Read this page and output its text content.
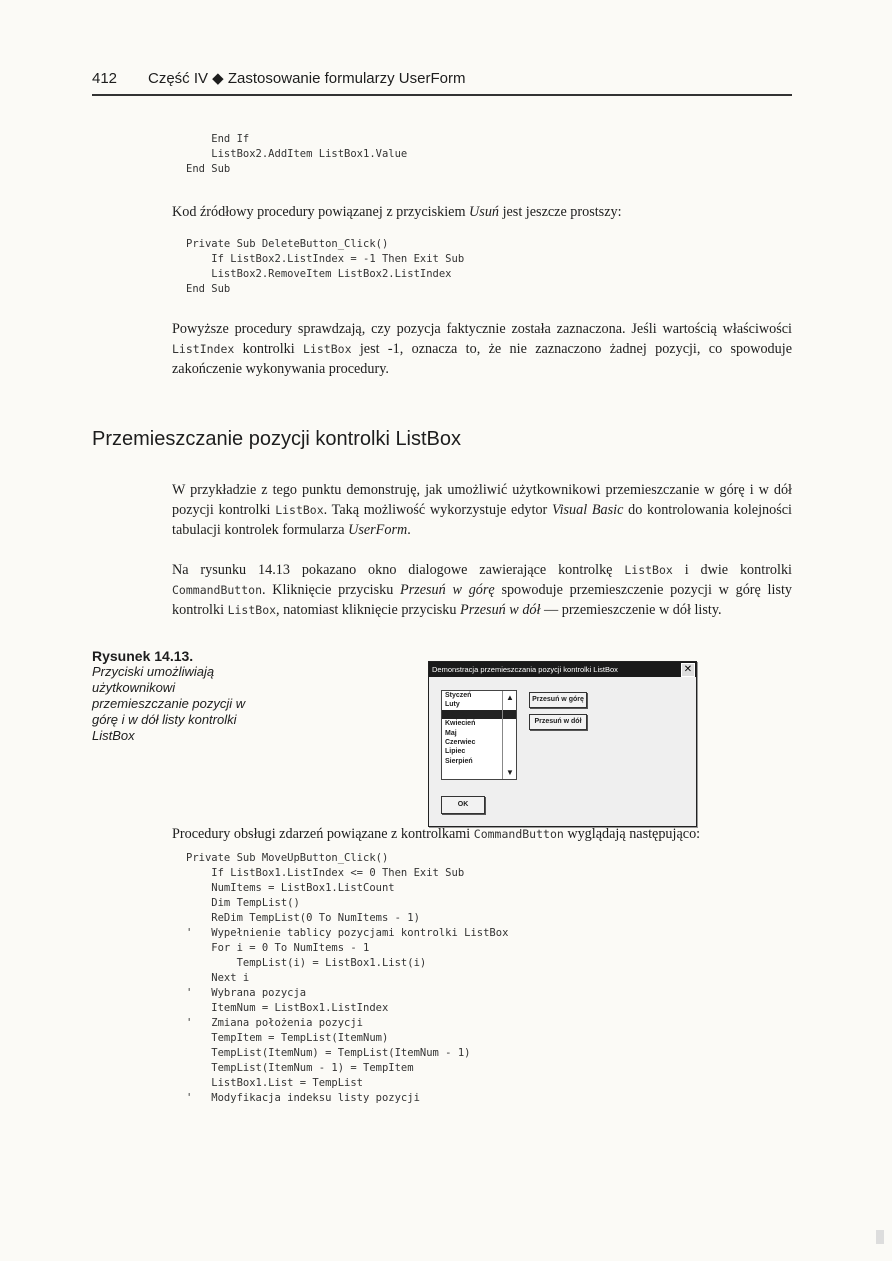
412 Część IV ◆ Zastosowanie formularzy UserForm
End If
ListBox2.AddItem ListBox1.Value
End Sub
Kod źródłowy procedury powiązanej z przyciskiem Usuń jest jeszcze prostszy:
Private Sub DeleteButton_Click()
If ListBox2.ListIndex = -1 Then Exit Sub
ListBox2.RemoveItem ListBox2.ListIndex
End Sub
Powyższe procedury sprawdzają, czy pozycja faktycznie została zaznaczona. Jeśli wartością właściwości ListIndex kontrolki ListBox jest -1, oznacza to, że nie zaznaczono żadnej pozycji, co spowoduje zakończenie wykonywania procedury.
Przemieszczanie pozycji kontrolki ListBox
W przykładzie z tego punktu demonstruję, jak umożliwić użytkownikowi przemieszczanie w górę i w dół pozycji kontrolki ListBox. Taką możliwość wykorzystuje edytor Visual Basic do kontrolowania kolejności tabulacji kontrolek formularza UserForm.
Na rysunku 14.13 pokazano okno dialogowe zawierające kontrolkę ListBox i dwie kontrolki CommandButton. Kliknięcie przycisku Przesuń w górę spowoduje przemieszczenie pozycji w górę listy kontrolki ListBox, natomiast kliknięcie przycisku Przesuń w dół — przemieszczenie w dół listy.
Rysunek 14.13.
Przyciski umożliwiają użytkownikowi przemieszczanie pozycji w górę i w dół listy kontrolki ListBox
Demonstracja przemieszczania pozycji kontrolki ListBox	✕
Styczeń
Luty
Marzec
Kwiecień
Maj
Czerwiec
Lipiec
Sierpień
▲
▼
Przesuń w górę
Przesuń w dół
OK
Procedury obsługi zdarzeń powiązane z kontrolkami CommandButton wyglądają następująco:
Private Sub MoveUpButton_Click()
If ListBox1.ListIndex <= 0 Then Exit Sub
NumItems = ListBox1.ListCount
Dim TempList()
ReDim TempList(0 To NumItems - 1)
'   Wypełnienie tablicy pozycjami kontrolki ListBox
For i = 0 To NumItems - 1
TempList(i) = ListBox1.List(i)
Next i
'   Wybrana pozycja
ItemNum = ListBox1.ListIndex
'   Zmiana położenia pozycji
TempItem = TempList(ItemNum)
TempList(ItemNum) = TempList(ItemNum - 1)
TempList(ItemNum - 1) = TempItem
ListBox1.List = TempList
'   Modyfikacja indeksu listy pozycji
